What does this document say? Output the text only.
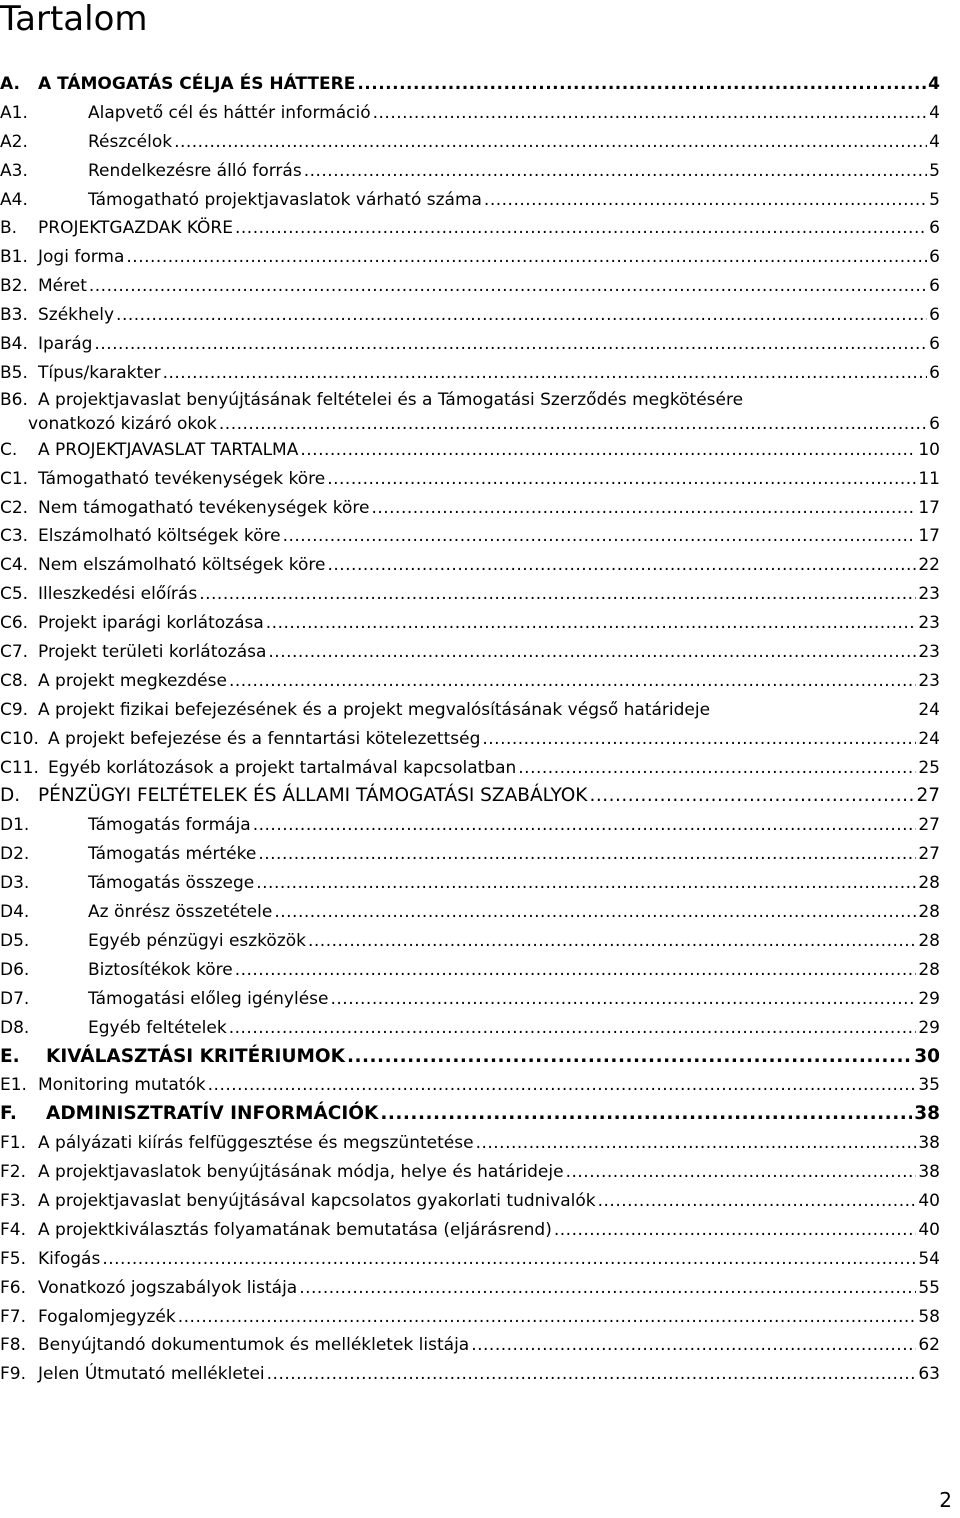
Tartalom
A.	A TÁMOGATÁS CÉLJA ÉS HÁTTERE .....	4
A1.	Alapvető cél és háttér információ .....	4
A2.	Részcélok .....	4
A3.	Rendelkezésre álló forrás .....	5
A4.	Támogatható projektjavaslatok várható száma .....	5
B.	PROJEKTGAZDAK KÖRE .....	6
B1. Jogi forma .....	6
B2. Méret .....	6
B3. Székhely .....	6
B4. Iparág .....	6
B5. Típus/karakter .....	6
B6. A projektjavaslat benyújtásának feltételei és a Támogatási Szerződés megkötésére
vonatkozó kizáró okok .....	6
C.	A PROJEKTJAVASLAT TARTALMA .....	10
C1. Támogatható tevékenységek köre .....	11
C2. Nem támogatható tevékenységek köre .....	17
C3. Elszámolható költségek köre .....	17
C4. Nem elszámolható költségek köre .....	22
C5. Illeszkedési előírás .....	23
C6. Projekt iparági korlátozása .....	23
C7. Projekt területi korlátozása .....	23
C8. A projekt megkezdése .....	23
C9. A projekt fizikai befejezésének és a projekt megvalósításának végső határideje	24
C10. A projekt befejezése és a fenntartási kötelezettség .....	24
C11. Egyéb korlátozások a projekt tartalmával kapcsolatban .....	25
D. PÉNZÜGYI FELTÉTELEK ÉS ÁLLAMI TÁMOGATÁSI SZABÁLYOK .....	27
D1.	Támogatás formája .....	27
D2.	Támogatás mértéke .....	27
D3.	Támogatás összege .....	28
D4.	Az önrész összetétele .....	28
D5.	Egyéb pénzügyi eszközök .....	28
D6.	Biztosítékok köre .....	28
D7.	Támogatási előleg igénylése .....	29
D8.	Egyéb feltételek .....	29
E.	KIVÁLASZTÁSI KRITÉRIUMOK .....	30
E1. Monitoring mutatók .....	35
F.	ADMINISZTRATÍV INFORMÁCIÓK .....	38
F1. A pályázati kiírás felfüggesztése és megszüntetése .....	38
F2. A projektjavaslatok benyújtásának módja, helye és határideje .....	38
F3. A projektjavaslat benyújtásával kapcsolatos gyakorlati tudnivalók .....	40
F4. A projektkiválasztás folyamatának bemutatása (eljárásrend) .....	40
F5. Kifogás .....	54
F6. Vonatkozó jogszabályok listája .....	55
F7. Fogalomjegyzék .....	58
F8. Benyújtandó dokumentumok és mellékletek listája .....	62
F9. Jelen Útmutató mellékletei .....	63
2
